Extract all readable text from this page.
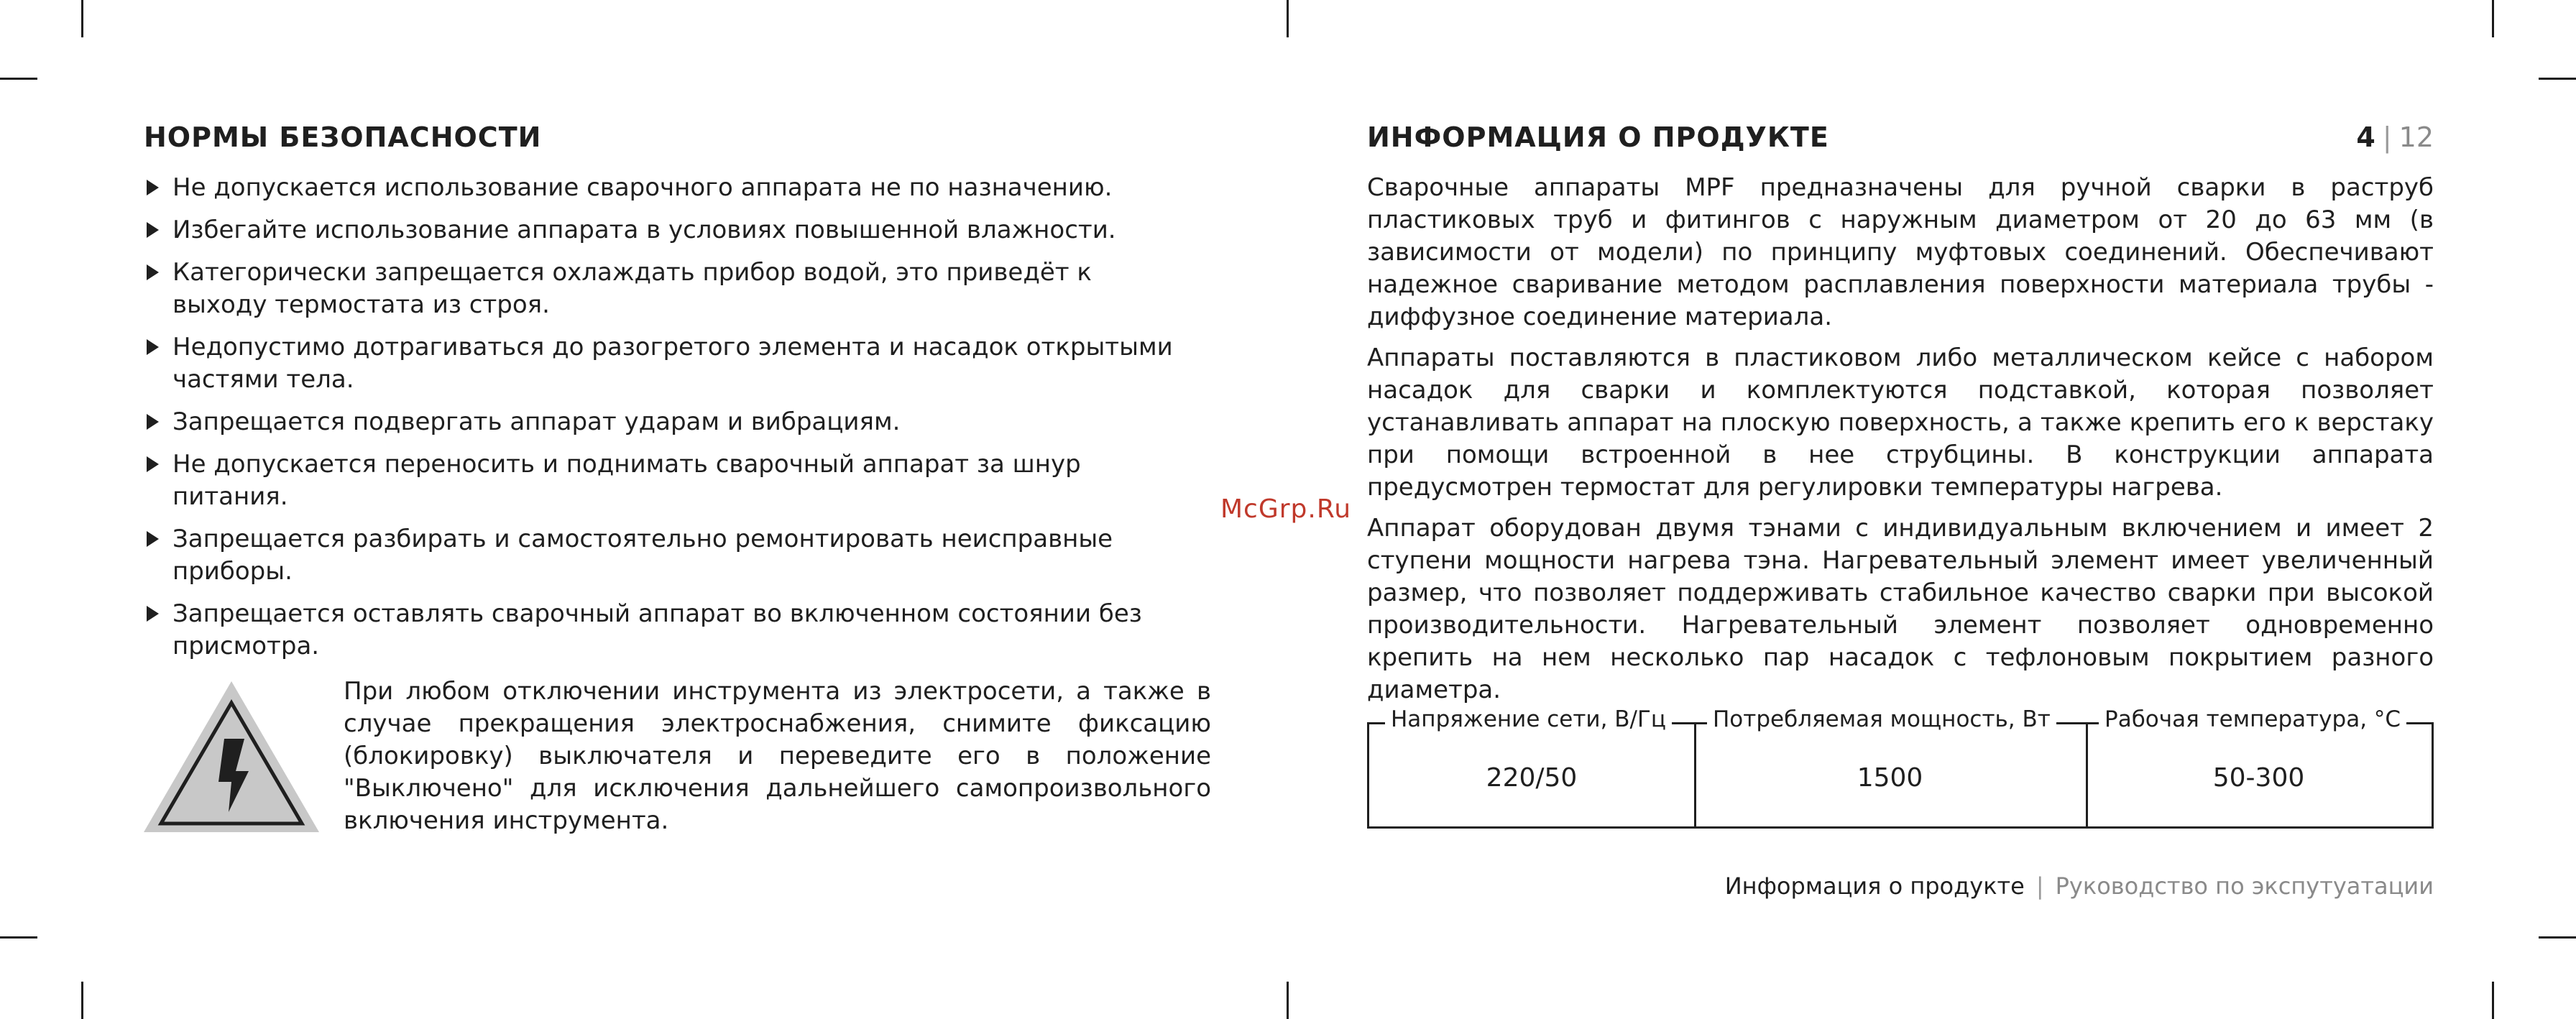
НОРМЫ БЕЗОПАСНОСТИ
Не допускается использование сварочного аппарата не по назначению.
Избегайте использование аппарата в условиях повышенной влажности.
Категорически запрещается охлаждать прибор водой, это приведёт к выходу термостата из строя.
Недопустимо дотрагиваться до разогретого элемента и насадок открытыми частями тела.
Запрещается подвергать аппарат ударам и вибрациям.
Не допускается переносить и поднимать сварочный аппарат за шнур питания.
Запрещается разбирать и самостоятельно ремонтировать неисправные приборы.
Запрещается оставлять сварочный аппарат во включенном состоянии без присмотра.

При любом отключении инструмента из электросети, а также в случае прекращения электроснабжения, снимите фиксацию (блокировку) выключателя и переведите его в положение "Выключено" для исключения дальнейшего самопроизвольного включения инструмента.

4 | 12
ИНФОРМАЦИЯ О ПРОДУКТЕ

Сварочные аппараты MPF предназначены для ручной сварки в раструб пластиковых труб и фитингов с наружным диаметром от 20 до 63 мм (в зависимости от модели) по принципу муфтовых соединений. Обеспечивают надежное сваривание методом расплавления поверхности материала трубы - диффузное соединение материала.

Аппараты поставляются в пластиковом либо металлическом кейсе с набором насадок для сварки и комплектуются подставкой, которая позволяет устанавливать аппарат на плоскую поверхность, а также крепить его к верстаку при помощи встроенной в нее струбцины. В конструкции аппарата предусмотрен термостат для регулировки температуры нагрева.

Аппарат оборудован двумя тэнами с индивидуальным включением и имеет 2 ступени мощности нагрева тэна. Нагревательный элемент имеет увеличенный размер, что позволяет поддерживать стабильное качество сварки при высокой производительности. Нагревательный элемент позволяет одновременно крепить на нем несколько пар насадок с тефлоновым покрытием разного диаметра.

Напряжение сети, В/Гц
220/50
Потребляемая мощность, Вт
1500
Рабочая температура, °С
50-300
Информация о продукте | Руководство по экспутуатации
McGrp.Ru
